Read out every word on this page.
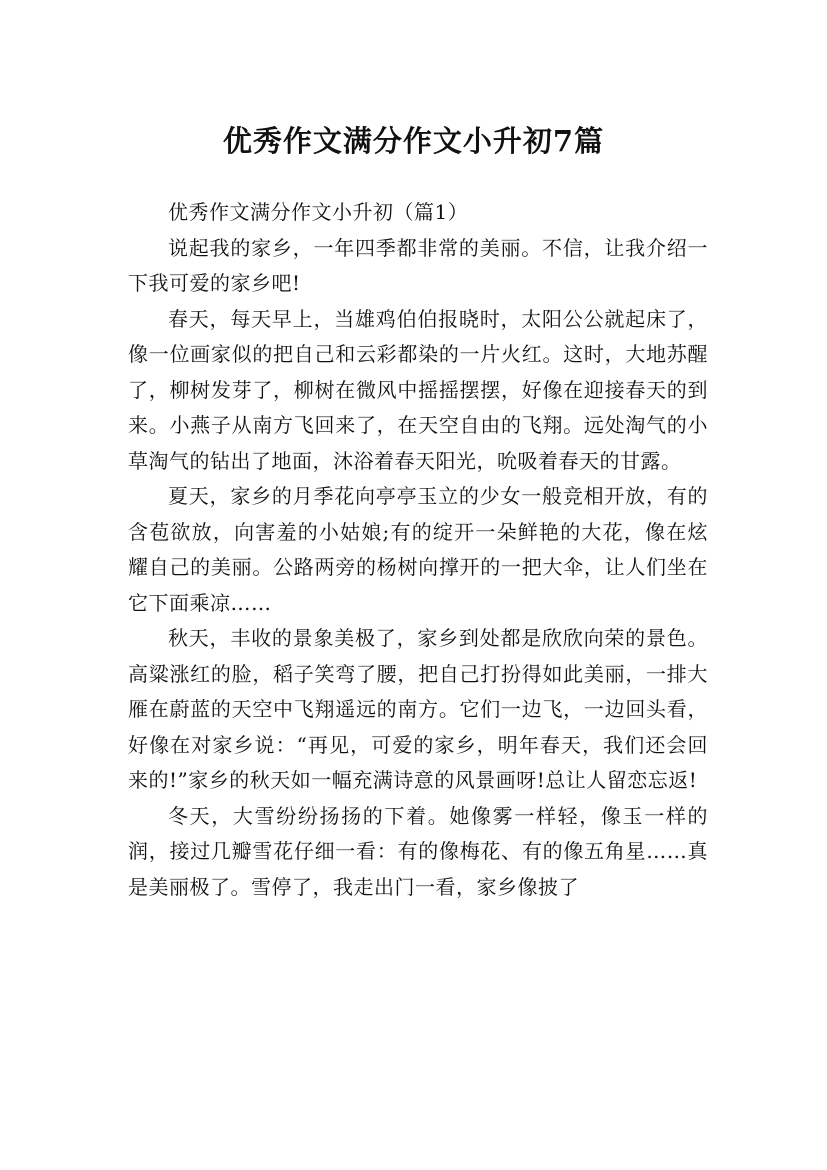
优秀作文满分作文小升初7篇

优秀作文满分作文小升初（篇1）

说起我的家乡，一年四季都非常的美丽。不信，让我介绍一下我可爱的家乡吧!

春天，每天早上，当雄鸡伯伯报晓时，太阳公公就起床了，像一位画家似的把自己和云彩都染的一片火红。这时，大地苏醒了，柳树发芽了，柳树在微风中摇摇摆摆，好像在迎接春天的到来。小燕子从南方飞回来了，在天空自由的飞翔。远处淘气的小草淘气的钻出了地面，沐浴着春天阳光，吮吸着春天的甘露。

夏天，家乡的月季花向亭亭玉立的少女一般竞相开放，有的含苞欲放，向害羞的小姑娘;有的绽开一朵鲜艳的大花，像在炫耀自己的美丽。公路两旁的杨树向撑开的一把大伞，让人们坐在它下面乘凉……

秋天，丰收的景象美极了，家乡到处都是欣欣向荣的景色。高粱涨红的脸，稻子笑弯了腰，把自己打扮得如此美丽，一排大雁在蔚蓝的天空中飞翔遥远的南方。它们一边飞，一边回头看，好像在对家乡说：“再见，可爱的家乡，明年春天，我们还会回来的!”家乡的秋天如一幅充满诗意的风景画呀!总让人留恋忘返!

冬天，大雪纷纷扬扬的下着。她像雾一样轻，像玉一样的润，接过几瓣雪花仔细一看：有的像梅花、有的像五角星……真是美丽极了。雪停了，我走出门一看，家乡像披了
